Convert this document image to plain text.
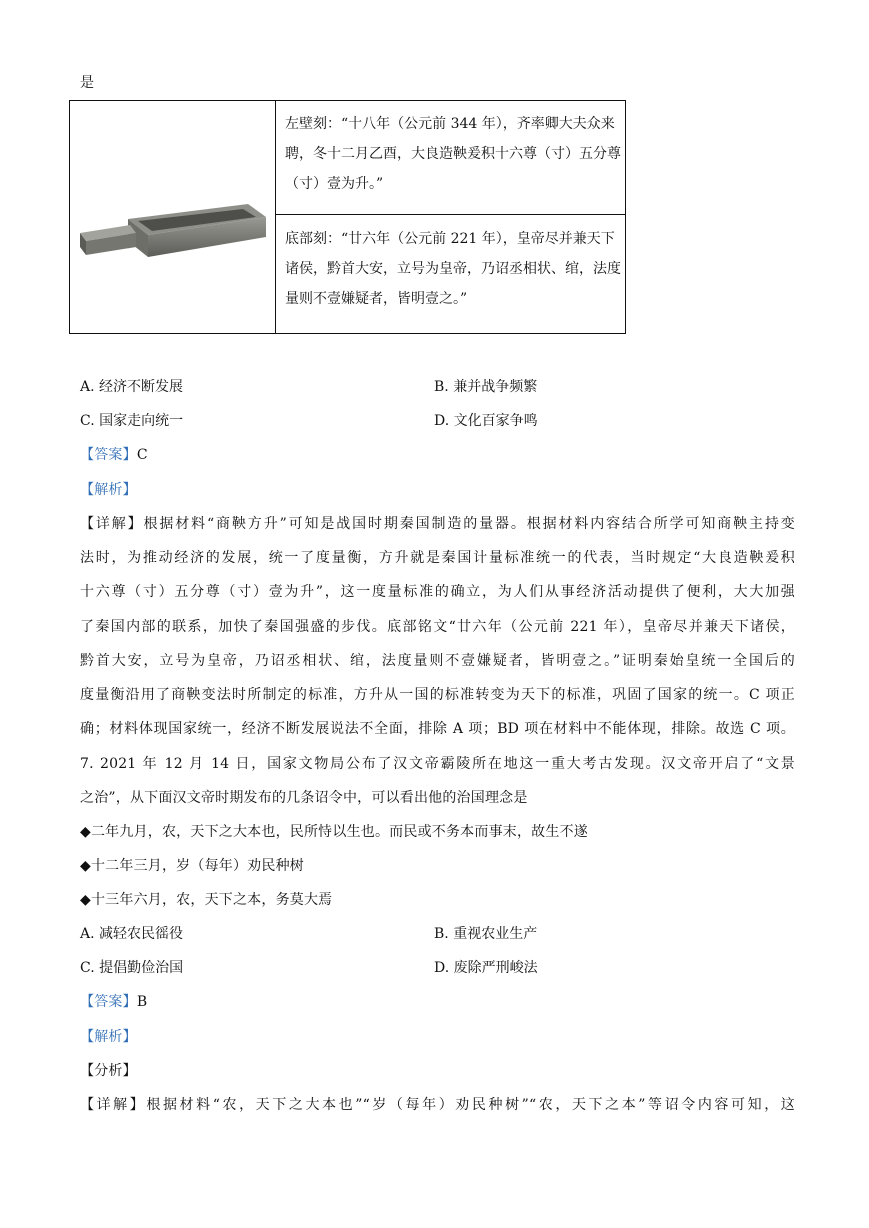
是
左壁刻：“十八年（公元前 344 年），齐率卿大夫众来聘，冬十二月乙酉，大良造鞅爰积十六尊（寸）五分尊（寸）壹为升。”
底部刻：“廿六年（公元前 221 年），皇帝尽并兼天下诸侯，黔首大安，立号为皇帝，乃诏丞相状、绾，法度量则不壹嫌疑者，皆明壹之。”
A. 经济不断发展	B. 兼并战争频繁
C. 国家走向统一	D. 文化百家争鸣
【答案】C
【解析】
【详解】根据材料“商鞅方升”可知是战国时期秦国制造的量器。根据材料内容结合所学可知商鞅主持变
法时，为推动经济的发展，统一了度量衡，方升就是秦国计量标准统一的代表，当时规定“大良造鞅爰积
十六尊（寸）五分尊（寸）壹为升”，这一度量标准的确立，为人们从事经济活动提供了便利，大大加强
了秦国内部的联系，加快了秦国强盛的步伐。底部铭文“廿六年（公元前 221 年），皇帝尽并兼天下诸侯，
黔首大安，立号为皇帝，乃诏丞相状、绾，法度量则不壹嫌疑者，皆明壹之。”证明秦始皇统一全国后的
度量衡沿用了商鞅变法时所制定的标准，方升从一国的标准转变为天下的标准，巩固了国家的统一。C 项正
确；材料体现国家统一，经济不断发展说法不全面，排除 A 项；BD 项在材料中不能体现，排除。故选 C 项。
7. 2021 年 12 月 14 日，国家文物局公布了汉文帝霸陵所在地这一重大考古发现。汉文帝开启了“文景
之治”，从下面汉文帝时期发布的几条诏令中，可以看出他的治国理念是
◆二年九月，农，天下之大本也，民所恃以生也。而民或不务本而事末，故生不遂
◆十二年三月，岁（每年）劝民种树
◆十三年六月，农，天下之本，务莫大焉
A. 减轻农民徭役	B. 重视农业生产
C. 提倡勤俭治国	D. 废除严刑峻法
【答案】B
【解析】
【分析】
【详解】根据材料“农，天下之大本也”“岁（每年）劝民种树”“农，天下之本”等诏令内容可知，这
